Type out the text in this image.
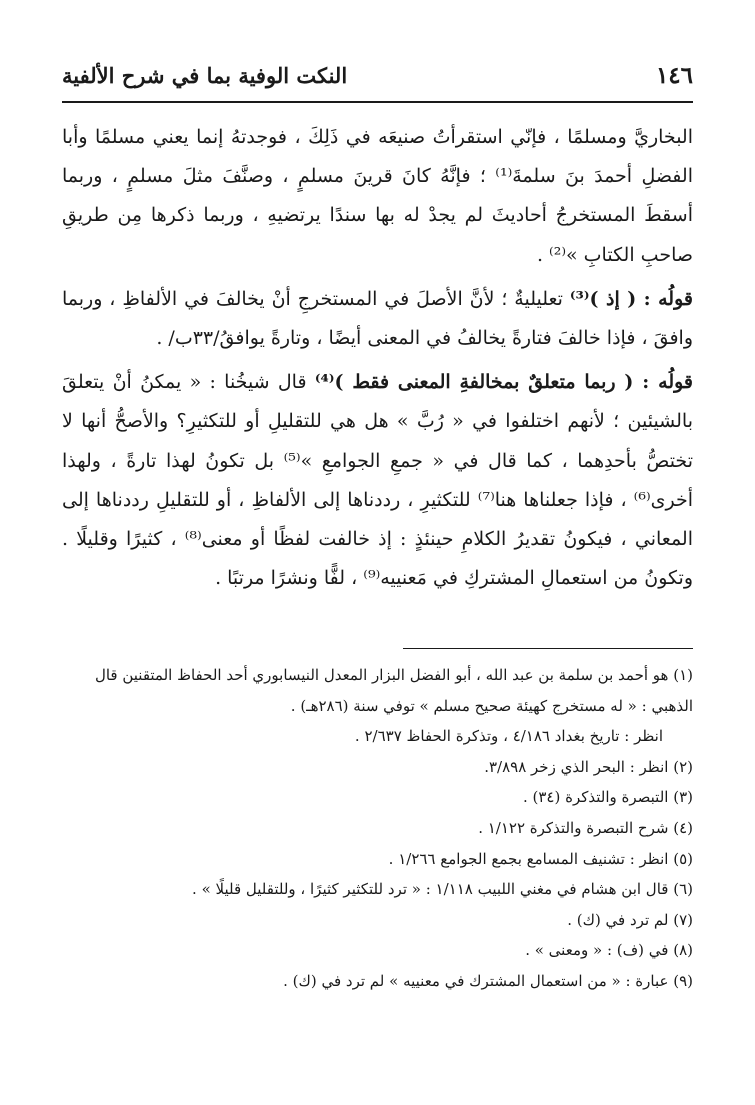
١٤٦
النكت الوفية بما في شرح الألفية

البخاريَّ ومسلمًا ، فإنّي استقرأتُ صنيعَه في ذَلِكَ ، فوجدتهُ إنما يعني مسلمًا وأبا الفضلِ أحمدَ بنَ سلمةَ⁽¹⁾ ؛ فإنَّهُ كانَ قرينَ مسلمٍ ، وصنَّفَ مثلَ مسلمٍ ، وربما أسقطَ المستخرجُ أحاديثَ لم يجدْ له بها سندًا يرتضيهِ ، وربما ذكرها مِن طريقِ صاحبِ الكتابِ »⁽²⁾ .

قولُه : ( إذ )⁽³⁾ تعليليةٌ ؛ لأنَّ الأصلَ في المستخرجِ أنْ يخالفَ في الألفاظِ ، وربما وافقَ ، فإذا خالفَ فتارةً يخالفُ في المعنى أيضًا ، وتارةً يوافقُ/٣٣ب/ .

قولُه : ( ربما متعلقٌ بمخالفةِ المعنى فقط )⁽⁴⁾ قال شيخُنا : « يمكنُ أنْ يتعلقَ بالشيئين ؛ لأنهم اختلفوا في « رُبَّ » هل هي للتقليلِ أو للتكثيرِ؟ والأصحُّ أنها لا تختصُّ بأحدِهما ، كما قال في « جمعِ الجوامعِ »⁽⁵⁾ بل تكونُ لهذا تارةً ، ولهذا أخرى⁽⁶⁾ ، فإذا جعلناها هنا⁽⁷⁾ للتكثيرِ ، رددناها إلى الألفاظِ ، أو للتقليلِ رددناها إلى المعاني ، فيكونُ تقديرُ الكلامِ حينئذٍ : إذ خالفت لفظًا أو معنى⁽⁸⁾ ، كثيرًا وقليلًا . وتكونُ من استعمالِ المشتركِ في مَعنييه⁽⁹⁾ ، لفًّا ونشرًا مرتبًا .

(١) هو أحمد بن سلمة بن عبد الله ، أبو الفضل البزار المعدل النيسابوري أحد الحفاظ المتقنين قال الذهبي : « له مستخرج كهيئة صحيح مسلم » توفي سنة (٢٨٦هـ) .
انظر : تاريخ بغداد ٤/١٨٦ ، وتذكرة الحفاظ ٢/٦٣٧ .
(٢) انظر : البحر الذي زخر ٣/٨٩٨.
(٣) التبصرة والتذكرة (٣٤) .
(٤) شرح التبصرة والتذكرة ١/١٢٢ .
(٥) انظر : تشنيف المسامع بجمع الجوامع ١/٢٦٦ .
(٦) قال ابن هشام في مغني اللبيب ١/١١٨ : « ترد للتكثير كثيرًا ، وللتقليل قليلًا » .
(٧) لم ترد في (ك) .
(٨) في (ف) : « ومعنى » .
(٩) عبارة : « من استعمال المشترك في معنييه » لم ترد في (ك) .
